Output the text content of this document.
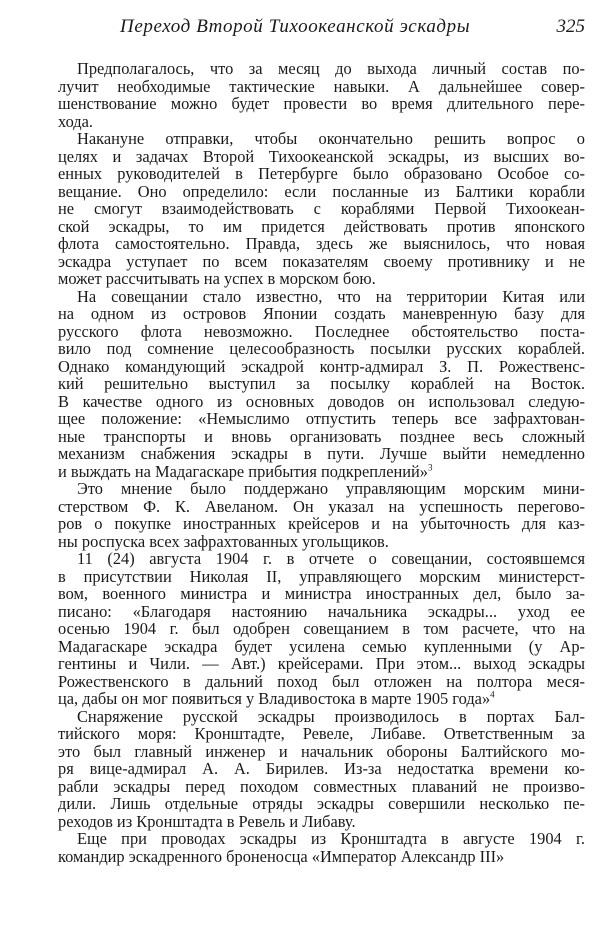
Переход Второй Тихоокеанской эскадры	325
Предполагалось, что за месяц до выхода личный состав по-
лучит необходимые тактические навыки. А дальнейшее совер-
шенствование можно будет провести во время длительного пере-
хода.
Накануне отправки, чтобы окончательно решить вопрос о
целях и задачах Второй Тихоокеанской эскадры, из высших во-
енных руководителей в Петербурге было образовано Особое со-
вещание. Оно определило: если посланные из Балтики корабли
не смогут взаимодействовать с кораблями Первой Тихоокеан-
ской эскадры, то им придется действовать против японского
флота самостоятельно. Правда, здесь же выяснилось, что новая
эскадра уступает по всем показателям своему противнику и не
может рассчитывать на успех в морском бою.
На совещании стало известно, что на территории Китая или
на одном из островов Японии создать маневренную базу для
русского флота невозможно. Последнее обстоятельство поста-
вило под сомнение целесообразность посылки русских кораблей.
Однако командующий эскадрой контр-адмирал З. П. Рожественс-
кий решительно выступил за посылку кораблей на Восток.
В качестве одного из основных доводов он использовал следую-
щее положение: «Немыслимо отпустить теперь все зафрахтован-
ные транспорты и вновь организовать позднее весь сложный
механизм снабжения эскадры в пути. Лучше выйти немедленно
и выждать на Мадагаскаре прибытия подкреплений»$^3$
Это мнение было поддержано управляющим морским мини-
стерством Ф. К. Авеланом. Он указал на успешность перегово-
ров о покупке иностранных крейсеров и на убыточность для каз-
ны роспуска всех зафрахтованных угольщиков.
11 (24) августа 1904 г. в отчете о совещании, состоявшемся
в присутствии Николая II, управляющего морским министерст-
вом, военного министра и министра иностранных дел, было за-
писано: «Благодаря настоянию начальника эскадры... уход ее
осенью 1904 г. был одобрен совещанием в том расчете, что на
Мадагаскаре эскадра будет усилена семью купленными (у Ар-
гентины и Чили. — Авт.) крейсерами. При этом... выход эскадры
Рожественского в дальний поход был отложен на полтора меся-
ца, дабы он мог появиться у Владивостока в марте 1905 года»$^4$
Снаряжение русской эскадры производилось в портах Бал-
тийского моря: Кронштадте, Ревеле, Либаве. Ответственным за
это был главный инженер и начальник обороны Балтийского мо-
ря вице-адмирал А. А. Бирилев. Из-за недостатка времени ко-
рабли эскадры перед походом совместных плаваний не произво-
дили. Лишь отдельные отряды эскадры совершили несколько пе-
реходов из Кронштадта в Ревель и Либаву.
Еще при проводах эскадры из Кронштадта в августе 1904 г.
командир эскадренного броненосца «Император Александр III»
